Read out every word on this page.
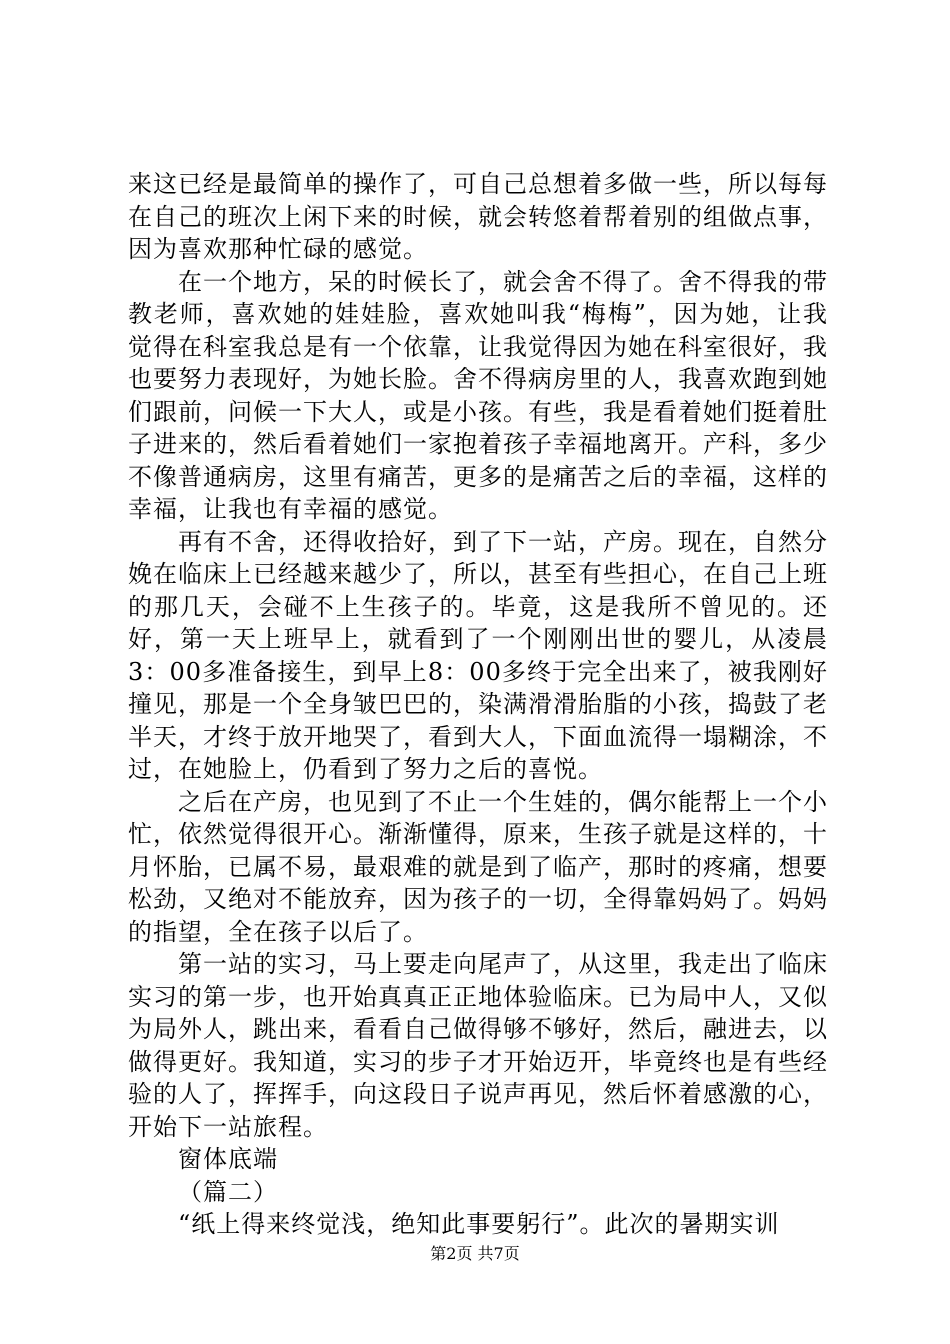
来这已经是最简单的操作了，可自己总想着多做一些，所以每每在自己的班次上闲下来的时候，就会转悠着帮着别的组做点事，因为喜欢那种忙碌的感觉。

在一个地方，呆的时候长了，就会舍不得了。舍不得我的带教老师，喜欢她的娃娃脸，喜欢她叫我“梅梅”，因为她，让我觉得在科室我总是有一个依靠，让我觉得因为她在科室很好，我也要努力表现好，为她长脸。舍不得病房里的人，我喜欢跑到她们跟前，问候一下大人，或是小孩。有些，我是看着她们挺着肚子进来的，然后看着她们一家抱着孩子幸福地离开。产科，多少不像普通病房，这里有痛苦，更多的是痛苦之后的幸福，这样的幸福，让我也有幸福的感觉。

再有不舍，还得收拾好，到了下一站，产房。现在，自然分娩在临床上已经越来越少了，所以，甚至有些担心，在自己上班的那几天，会碰不上生孩子的。毕竟，这是我所不曾见的。还好，第一天上班早上，就看到了一个刚刚出世的婴儿，从凌晨3：00多准备接生，到早上8：00多终于完全出来了，被我刚好撞见，那是一个全身皱巴巴的，染满滑滑胎脂的小孩，捣鼓了老半天，才终于放开地哭了，看到大人，下面血流得一塌糊涂，不过，在她脸上，仍看到了努力之后的喜悦。

之后在产房，也见到了不止一个生娃的，偶尔能帮上一个小忙，依然觉得很开心。渐渐懂得，原来，生孩子就是这样的，十月怀胎，已属不易，最艰难的就是到了临产，那时的疼痛，想要松劲，又绝对不能放弃，因为孩子的一切，全得靠妈妈了。妈妈的指望，全在孩子以后了。

第一站的实习，马上要走向尾声了，从这里，我走出了临床实习的第一步，也开始真真正正地体验临床。已为局中人，又似为局外人，跳出来，看看自己做得够不够好，然后，融进去，以做得更好。我知道，实习的步子才开始迈开，毕竟终也是有些经验的人了，挥挥手，向这段日子说声再见，然后怀着感激的心，开始下一站旅程。

窗体底端

（篇二）

“纸上得来终觉浅，绝知此事要躬行”。此次的暑期实训

第2页 共7页
